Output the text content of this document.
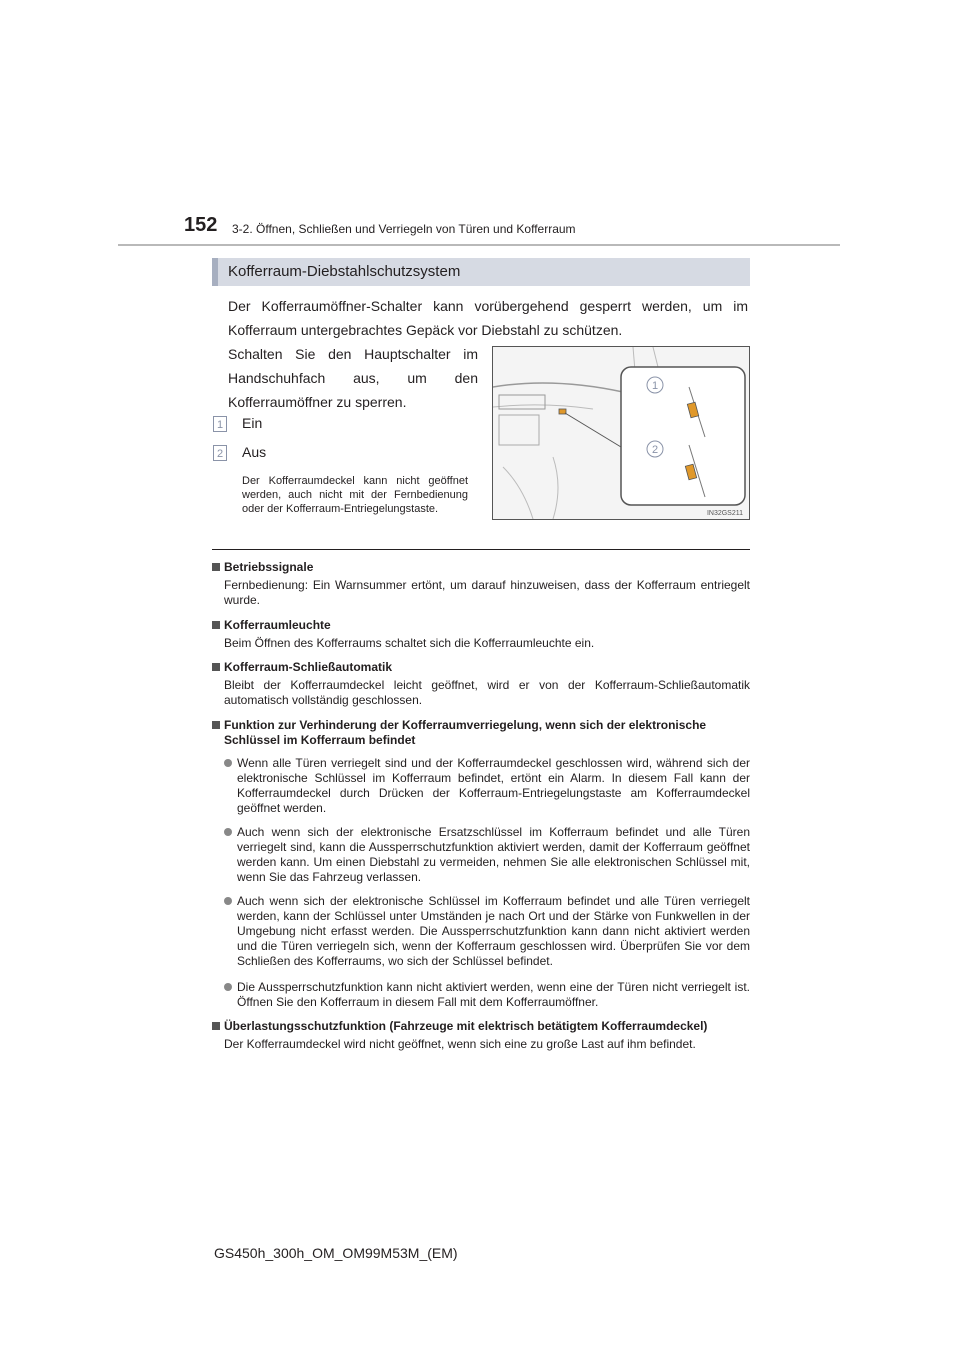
152 3-2. Öffnen, Schließen und Verriegeln von Türen und Kofferraum
Kofferraum-Diebstahlschutzsystem

Der Kofferraumöffner-Schalter kann vorübergehend gesperrt werden, um im Kofferraum untergebrachtes Gepäck vor Diebstahl zu schützen.

Schalten Sie den Hauptschalter im Handschuhfach aus, um den Kofferraumöffner zu sperren.

1 Ein
2 Aus

Der Kofferraumdeckel kann nicht geöffnet werden, auch nicht mit der Fernbedienung oder der Kofferraum-Entriegelungstaste.

1
2
IN32GS211

Betriebssignale

Fernbedienung: Ein Warnsummer ertönt, um darauf hinzuweisen, dass der Kofferraum entriegelt wurde.

Kofferraumleuchte

Beim Öffnen des Kofferraums schaltet sich die Kofferraumleuchte ein.

Kofferraum-Schließautomatik

Bleibt der Kofferraumdeckel leicht geöffnet, wird er von der Kofferraum-Schließautomatik automatisch vollständig geschlossen.

Funktion zur Verhinderung der Kofferraumverriegelung, wenn sich der elektronische Schlüssel im Kofferraum befindet

Wenn alle Türen verriegelt sind und der Kofferraumdeckel geschlossen wird, während sich der elektronische Schlüssel im Kofferraum befindet, ertönt ein Alarm. In diesem Fall kann der Kofferraumdeckel durch Drücken der Kofferraum-Entriegelungstaste am Kofferraumdeckel geöffnet werden.

Auch wenn sich der elektronische Ersatzschlüssel im Kofferraum befindet und alle Türen verriegelt sind, kann die Aussperrschutzfunktion aktiviert werden, damit der Kofferraum geöffnet werden kann. Um einen Diebstahl zu vermeiden, nehmen Sie alle elektronischen Schlüssel mit, wenn Sie das Fahrzeug verlassen.

Auch wenn sich der elektronische Schlüssel im Kofferraum befindet und alle Türen verriegelt werden, kann der Schlüssel unter Umständen je nach Ort und der Stärke von Funkwellen in der Umgebung nicht erfasst werden. Die Aussperrschutzfunktion kann dann nicht aktiviert werden und die Türen verriegeln sich, wenn der Kofferraum geschlossen wird. Überprüfen Sie vor dem Schließen des Kofferraums, wo sich der Schlüssel befindet.

Die Aussperrschutzfunktion kann nicht aktiviert werden, wenn eine der Türen nicht verriegelt ist. Öffnen Sie den Kofferraum in diesem Fall mit dem Kofferraumöffner.

Überlastungsschutzfunktion (Fahrzeuge mit elektrisch betätigtem Kofferraumdeckel)

Der Kofferraumdeckel wird nicht geöffnet, wenn sich eine zu große Last auf ihm befindet.

GS450h_300h_OM_OM99M53M_(EM)
